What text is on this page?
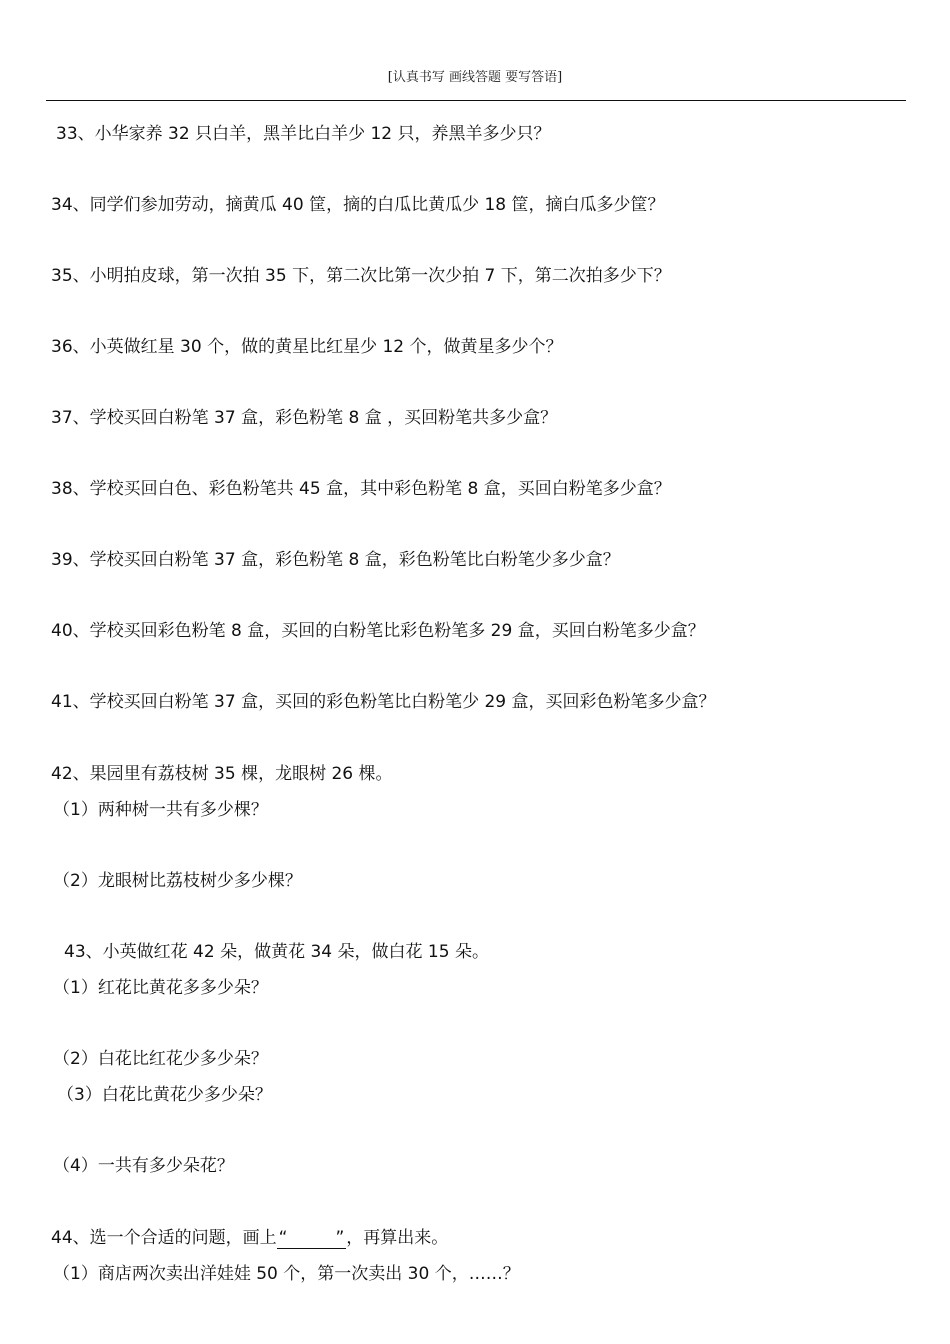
[认真书写 画线答题 要写答语]
33、小华家养 32 只白羊，黑羊比白羊少 12 只，养黑羊多少只？
34、同学们参加劳动，摘黄瓜 40 筐，摘的白瓜比黄瓜少 18 筐，摘白瓜多少筐？
35、小明拍皮球，第一次拍 35 下，第二次比第一次少拍 7 下，第二次拍多少下？
36、小英做红星 30 个，做的黄星比红星少 12 个，做黄星多少个？
37、学校买回白粉笔 37 盒，彩色粉笔 8 盒 ，买回粉笔共多少盒？
38、学校买回白色、彩色粉笔共 45 盒，其中彩色粉笔 8 盒，买回白粉笔多少盒？
39、学校买回白粉笔 37 盒，彩色粉笔 8 盒，彩色粉笔比白粉笔少多少盒？
40、学校买回彩色粉笔 8 盒，买回的白粉笔比彩色粉笔多 29 盒，买回白粉笔多少盒？
41、学校买回白粉笔 37 盒，买回的彩色粉笔比白粉笔少 29 盒，买回彩色粉笔多少盒？
42、果园里有荔枝树 35 棵，龙眼树 26 棵。
（1）两种树一共有多少棵？
（2）龙眼树比荔枝树少多少棵？
43、小英做红花 42 朵，做黄花 34 朵，做白花 15 朵。
（1）红花比黄花多多少朵？
（2）白花比红花少多少朵？
（3）白花比黄花少多少朵？
（4）一共有多少朵花？
44、选一个合适的问题，画上 “	” ，再算出来。
（1）商店两次卖出洋娃娃 50 个，第一次卖出 30 个，……？
